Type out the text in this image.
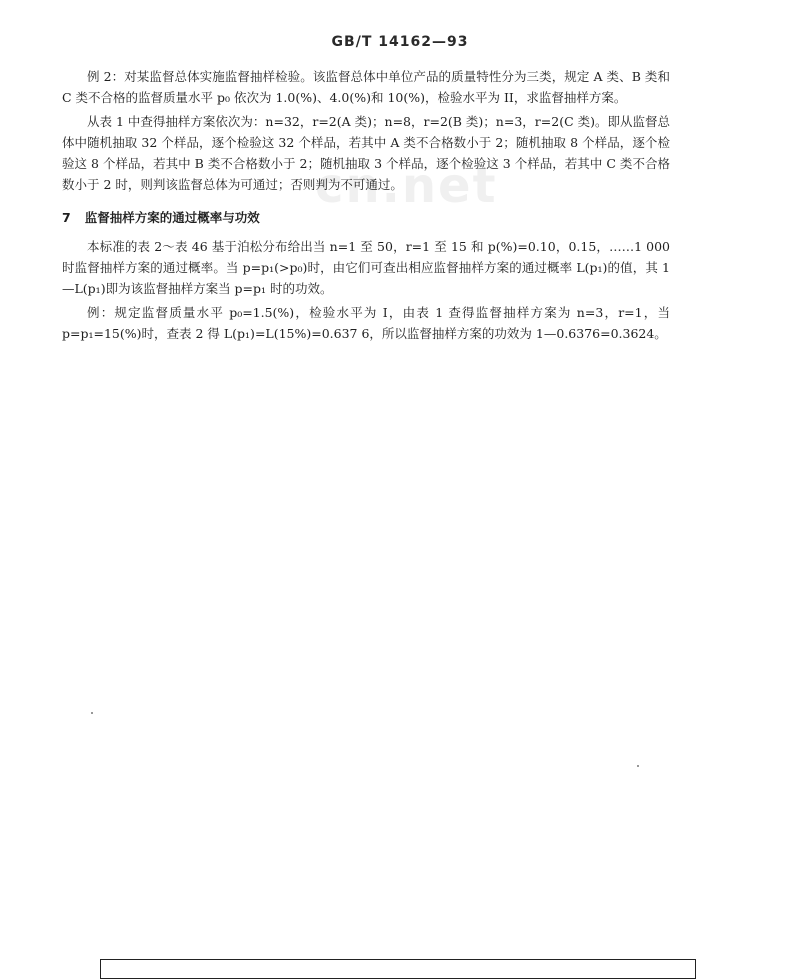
GB/T 14162—93
cn.net

例 2：对某监督总体实施监督抽样检验。该监督总体中单位产品的质量特性分为三类，规定 A 类、B 类和 C 类不合格的监督质量水平 p₀ 依次为 1.0(%)、4.0(%)和 10(%)，检验水平为 II，求监督抽样方案。

从表 1 中查得抽样方案依次为：n=32，r=2(A 类)；n=8，r=2(B 类)；n=3，r=2(C 类)。即从监督总体中随机抽取 32 个样品，逐个检验这 32 个样品，若其中 A 类不合格数小于 2；随机抽取 8 个样品，逐个检验这 8 个样品，若其中 B 类不合格数小于 2；随机抽取 3 个样品，逐个检验这 3 个样品，若其中 C 类不合格数小于 2 时，则判该监督总体为可通过；否则判为不可通过。

7 监督抽样方案的通过概率与功效

本标准的表 2～表 46 基于泊松分布给出当 n=1 至 50，r=1 至 15 和 p(%)=0.10，0.15，……1 000 时监督抽样方案的通过概率。当 p=p₁(>p₀)时，由它们可查出相应监督抽样方案的通过概率 L(p₁)的值，其 1—L(p₁)即为该监督抽样方案当 p=p₁ 时的功效。

例：规定监督质量水平 p₀=1.5(%)，检验水平为 I，由表 1 查得监督抽样方案为 n=3，r=1，当 p=p₁=15(%)时，查表 2 得 L(p₁)=L(15%)=0.637 6，所以监督抽样方案的功效为 1—0.6376=0.3624。
